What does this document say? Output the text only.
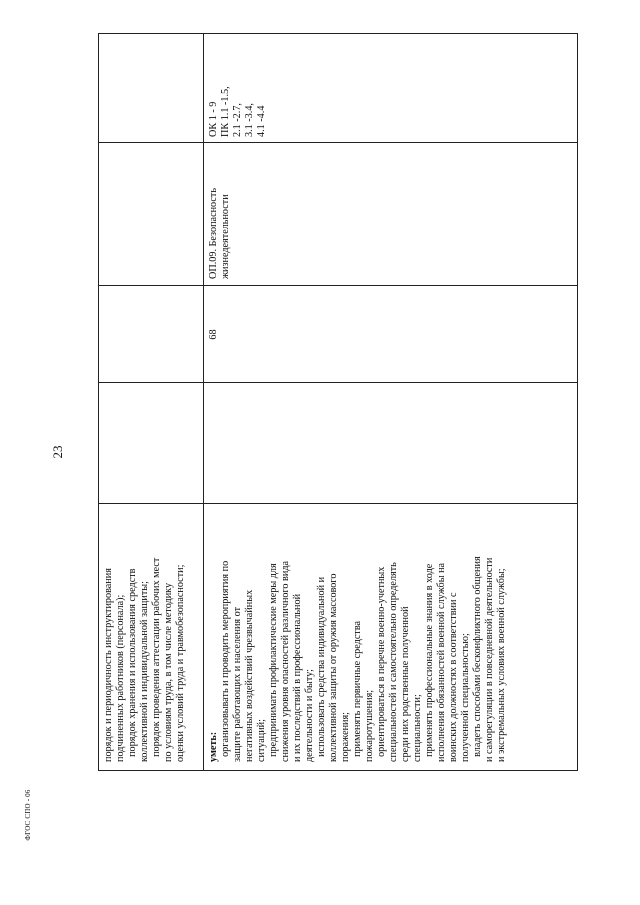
23
ФГОС СПО - 06
порядок и периодичность инструктирования подчиненных работников (персонала); порядок хранения и использования средств коллективной и индивидуальной защиты; порядок проведения аттестации рабочих мест по условиям труда, в том числе методику оценки условий труда и травмобезопасности; уметь: организовывать и проводить мероприятия по защите работающих и населения от негативных воздействий чрезвычайных ситуаций; предпринимать профилактические меры для снижения уровня опасностей различного вида и их последствий в профессиональной деятельности и быту; использовать средства индивидуальной и коллективной защиты от оружия массового поражения; применять первичные средства пожаротушения; ориентироваться в перечне военно-учетных специальностей и самостоятельно определять среди них родственные полученной специальности; применять профессиональные знания в ходе исполнения обязанностей военной службы на воинских должностях в соответствии с полученной специальностью; владеть способами бесконфликтного общения и саморегуляции в повседневной деятельности и экстремальных условиях военной службы;
68
ОП.09. Безопасность жизнедеятельности
ОК 1 - 9 ПК 1.1 -1.5, 2.1 -2.7, 3.1 -3.4, 4.1 -4.4
